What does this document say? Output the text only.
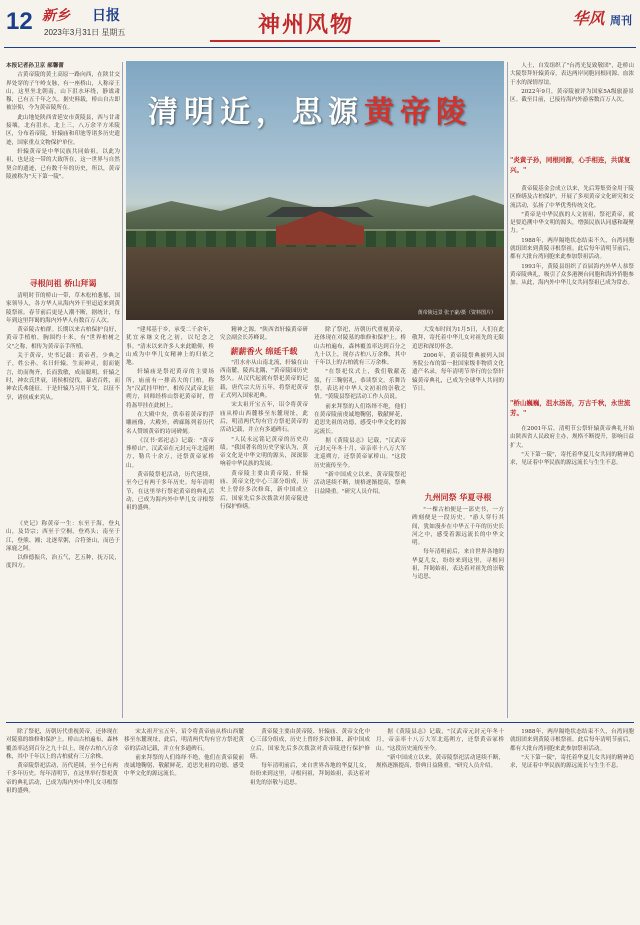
12 新乡 日报
2023年3月31日 星期五	神州风物	华风 周刊

本报记者孙卫京 郝馨蕾

古黄帝陵的黄土高原一路向西，在陕甘交界处穿的子午岭支脉，有一座桥山，人称帝王山，这里坐北朝南，山下沮水环绕，静谧肃穆，已有五千年之久。据史料载，桥山自古即被崇仰，今为黄帝陵所在。

此山地处陕西省延安市黄陵县，西与甘肃接壤，北有沮水，北上三，八万余平方米陵区，分布着帝陵，轩辕庙和印池等诸多历史遗迹，国家重点文物保护单位。

轩辕黄帝是中华民族共同始祖，以此为祖，也是这一带的大致所在，这一世界与自然契合的遗迹，已有数千年的历史，所以，黄帝陵被称为"天下第一陵"。

寻根问祖 桥山拜谒

清明时节的桥山一带，草木松柏葱郁，国家领导人，各方华人从海内外千里迢迢来到黄陵祭祖。春节前后更是人潮不断，据统计，每年到这里拜谒的海内外华人有数百万人次。

黄帝陵古柏群。长期以来古柏保护良好，黄帝手植柏，胸围约十米，有"世界柏树之父"之称，相传为黄帝亲手所植。

关于黄帝，史书记载：黄帝者，少典之子，姓公孙，名曰轩辕。生而神灵，弱而能言，幼而徇齐，长而敦敏，成而聪明。轩辕之时，神农氏世衰，诸侯相侵伐，暴虐百姓，而神农氏弗能征。于是轩辕乃习用干戈，以征不享，诸侯咸来宾从。

《史记》称黄帝一生：东至于海，登丸山，及岱宗；西至于空桐，登鸡头；南至于江，登熊、湘；北逐荤粥，合符釜山，而邑于涿鹿之阿。

以修德振兵，治五气，艺五种，抚万民，度四方。

清明近，思源黄帝陵
黄帝陵远景 张子豪/摄（资料图片）

人士，自发组织了"台湾光复致敬团"，赴桥山大陵祭拜轩辕黄帝，表达两岸同胞同根同源、血浓于水的深情厚谊。

2022年9月，黄帝陵被评为国家5A级旅游景区。截至目前，已接待海内外游客数百万人次。

"炎黄子孙，同根同源，心手相连，共谋复兴。"

黄帝陵基金会成立以来，先后筹集资金用于陵区修缮及古柏保护，开展了多项黄帝文化研究和交流活动，弘扬了中华优秀传统文化。

"黄帝是中华民族的人文初祖，祭祀黄帝，就是要追溯中华文明的源头，增强民族认同感和凝聚力。"

1988年，两岸隔绝状态结束不久，台湾同胞就组团来到黄陵寻根祭祖。此后每年清明节前后，都有大批台湾同胞来此参加祭祖活动。

1993年，黄陵县组织了首届海内外华人恭祭黄帝陵典礼，吸引了众多港澳台同胞和海外侨胞参加。从此，海内外中华儿女共同祭祖已成为常态。

"桥山巍巍，沮水汤汤，万古千秋，永世流芳。"

在2001年后，清明节公祭轩辕黄帝典礼开始由陕西省人民政府主办，规格不断提升，影响日益扩大。

"天下第一陵"，寄托着华夏儿女共同的精神追求，见证着中华民族的源远流长与生生不息。

"建邦基于乡，承受二千余年，犹宜承继文化之初，以纪念之事。"清末以来许多人来此瞻仰，桥山成为中华儿女精神上的归依之地。

轩辕庙是祭祀黄帝的主要场所，庙前有一排高大的门柏，称为"汉武挂甲柏"，相传汉武帝北征朔方，回师经桥山祭祀黄帝时，曾将盔甲挂在此树上。

在大殿中央，供奉着黄帝的浮雕画像，大殿外，碑廊陈列着历代名人赞颂黄帝的诗词碑刻。

《汉书·郊祀志》记载："黄帝葬桥山"。汉武帝在元封元年北巡朔方，勒兵十余万，还祭黄帝冢桥山。

黄帝陵祭祀活动，历代延续，至今已有两千多年历史。每年清明节，在这里举行祭祀黄帝的典礼活动，已成为海内外中华儿女寻根祭祖的盛典。

精神之源。"陕西省轩辕黄帝研究会副会长苏峰说。

薪薪香火 绵延千载

"沮水亦从山南北流，轩辕在山西南麓，陵西北隅，"黄帝陵园历史悠久。从汉代起就有祭祀黄帝的记载，唐代宗大历五年，将祭祀黄帝正式列入国家祀典。

宋太祖开宝五年，诏令将黄帝庙从桥山西麓移至东麓现址，此后，明清两代均有官方祭祀黄帝的活动记载，并立有多通碑石。

"人民永远铭记黄帝的历史功绩。"我国著名的历史学家认为，黄帝文化是中华文明的源头，深深影响着中华民族的发展。

黄帝陵主要由黄帝陵、轩辕庙、黄帝文化中心三部分组成，历史上曾经多次修葺，新中国成立后，国家先后多次拨款对黄帝陵进行保护修缮。

除了祭祀，历朝历代重视黄帝，还体现在对陵墓的维修和保护上。桥山古柏遍布，森林覆盖率达到百分之九十以上，现存古柏八万余株，其中千年以上的古柏就有三万余株。

"在祭祀仪式上，我们敬献花篮，行三鞠躬礼，恭读祭文，乐舞告祭，表达对中华人文初祖的崇敬之情。"黄陵县祭祀活动工作人员说。

前来拜祭的人们络绎不绝，他们在黄帝陵前虔诚地鞠躬，敬献鲜花，追思先祖的功德，感受中华文化的源远流长。

据《黄陵县志》记载，"汉武帝元封元年冬十月，帝亲率十八万大军北巡朔方，还祭黄帝冢桥山。"这段历史流传至今。

"新中国成立以来，黄帝陵祭祀活动延续不断，规格逐渐提高，祭典日益隆重。"研究人员介绍。

大发布时间为1月5日，人们在此敬拜，寄托着中华儿女对祖先的无限追思和深切怀念。

2006年，黄帝陵祭典被列入国务院公布的第一批国家级非物质文化遗产名录，每年清明节举行的公祭轩辕黄帝典礼，已成为全球华人共同的节日。

九州同祭 华夏寻根

"一棵古柏便是一部史书，一方碑刻便是一段历史。"游人穿行其间，犹如漫步在中华五千年的历史长河之中，感受着源远流长的中华文明。

每年清明前后，来自世界各地的华夏儿女，纷纷来到这里，寻根问祖，拜谒始祖，表达着对祖先的崇敬与追思。

除了祭祀，历朝历代重视黄帝，还体现在对陵墓的维修和保护上。桥山古柏遍布，森林覆盖率达到百分之九十以上，现存古柏八万余株，其中千年以上的古柏就有三万余株。

黄帝陵祭祀活动，历代延续，至今已有两千多年历史。每年清明节，在这里举行祭祀黄帝的典礼活动，已成为海内外中华儿女寻根祭祖的盛典。

宋太祖开宝五年，诏令将黄帝庙从桥山西麓移至东麓现址，此后，明清两代均有官方祭祀黄帝的活动记载，并立有多通碑石。

前来拜祭的人们络绎不绝，他们在黄帝陵前虔诚地鞠躬，敬献鲜花，追思先祖的功德，感受中华文化的源远流长。

黄帝陵主要由黄帝陵、轩辕庙、黄帝文化中心三部分组成，历史上曾经多次修葺，新中国成立后，国家先后多次拨款对黄帝陵进行保护修缮。

每年清明前后，来自世界各地的华夏儿女，纷纷来到这里，寻根问祖，拜谒始祖，表达着对祖先的崇敬与追思。

据《黄陵县志》记载，"汉武帝元封元年冬十月，帝亲率十八万大军北巡朔方，还祭黄帝冢桥山。"这段历史流传至今。

"新中国成立以来，黄帝陵祭祀活动延续不断，规格逐渐提高，祭典日益隆重。"研究人员介绍。

1988年，两岸隔绝状态结束不久，台湾同胞就组团来到黄陵寻根祭祖。此后每年清明节前后，都有大批台湾同胞来此参加祭祖活动。

"天下第一陵"，寄托着华夏儿女共同的精神追求，见证着中华民族的源远流长与生生不息。
